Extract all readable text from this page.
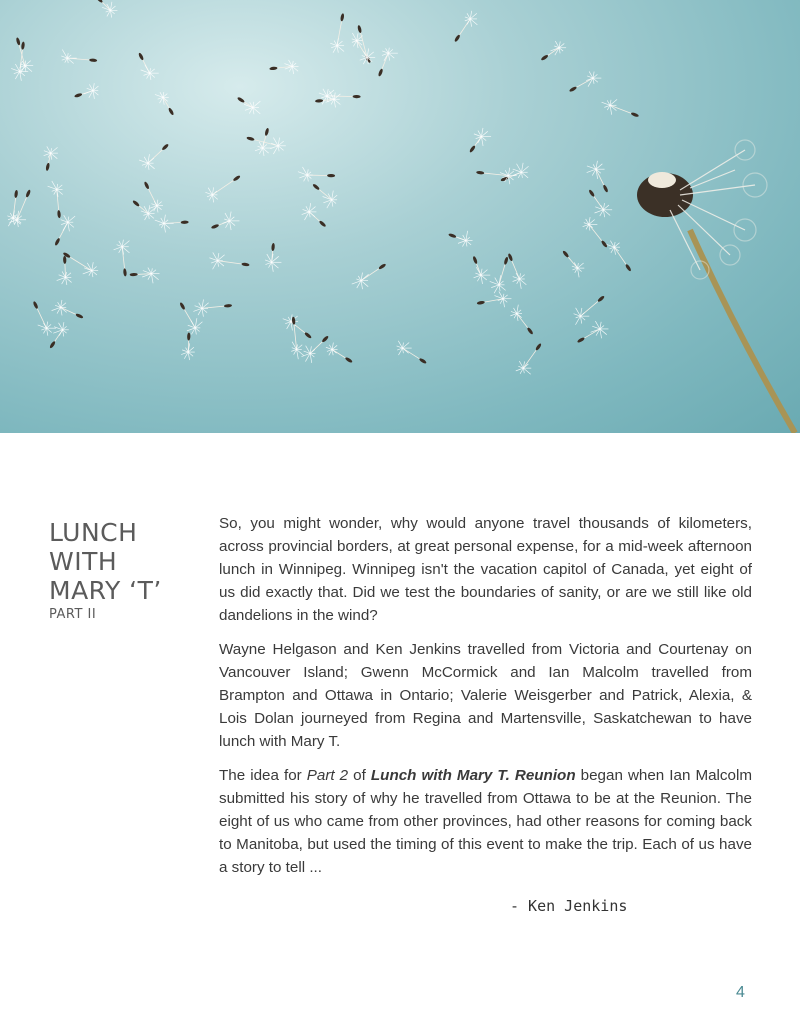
LUNCH
WITH
MARY ‘T’
PART II

So, you might wonder, why would anyone travel thousands of kilometers, across provincial borders, at great personal expense, for a mid-week afternoon lunch in Winnipeg. Winnipeg isn't the vacation capitol of Canada, yet eight of us did exactly that. Did we test the boundaries of sanity, or are we still like old dandelions in the wind?

Wayne Helgason and Ken Jenkins travelled from Victoria and Courtenay on Vancouver Island; Gwenn McCormick and Ian Malcolm travelled from Brampton and Ottawa in Ontario; Valerie Weisgerber and Patrick, Alexia, & Lois Dolan journeyed from Regina and Martensville, Saskatchewan to have lunch with Mary T.

The idea for Part 2 of Lunch with Mary T. Reunion began when Ian Malcolm submitted his story of why he travelled from Ottawa to be at the Reunion. The eight of us who came from other provinces, had other reasons for coming back to Manitoba, but used the timing of this event to make the trip. Each of us have a story to tell ...

- Ken Jenkins
4
